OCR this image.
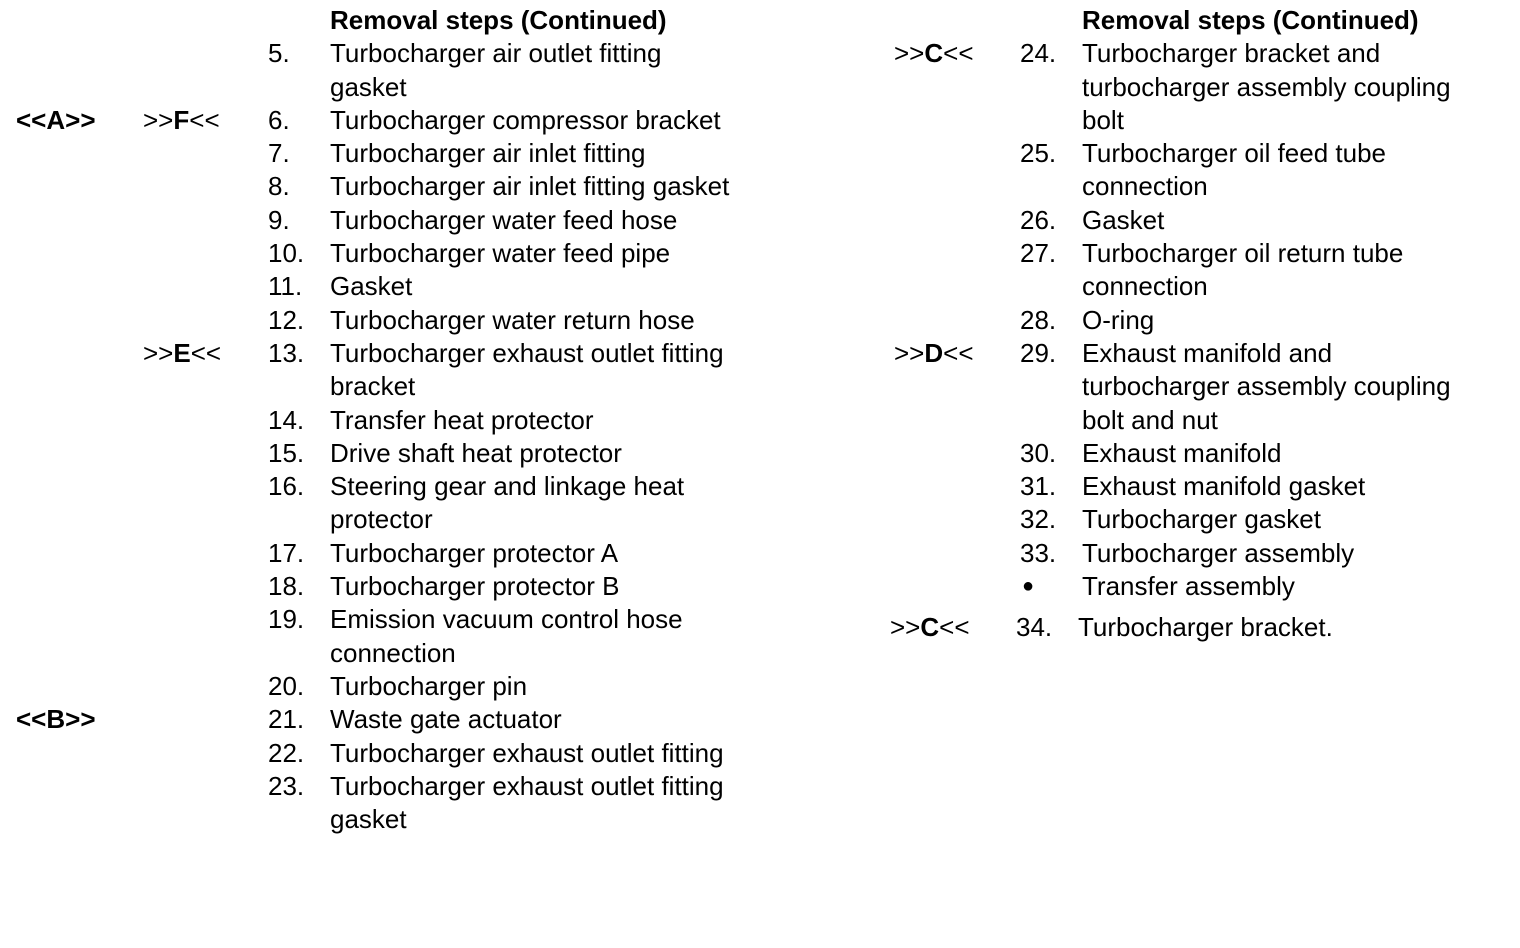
Removal steps (Continued)
5. Turbocharger air outlet fitting gasket
<<A>> >>F<< 6. Turbocharger compressor bracket
7. Turbocharger air inlet fitting
8. Turbocharger air inlet fitting gasket
9. Turbocharger water feed hose
10. Turbocharger water feed pipe
11. Gasket
12. Turbocharger water return hose
>>E<< 13. Turbocharger exhaust outlet fitting bracket
14. Transfer heat protector
15. Drive shaft heat protector
16. Steering gear and linkage heat protector
17. Turbocharger protector A
18. Turbocharger protector B
19. Emission vacuum control hose connection
20. Turbocharger pin
<<B>>	21. Waste gate actuator
22. Turbocharger exhaust outlet fitting
23. Turbocharger exhaust outlet fitting gasket
Removal steps (Continued)
>>C<< 24. Turbocharger bracket and turbocharger assembly coupling bolt
25. Turbocharger oil feed tube connection
26. Gasket
27. Turbocharger oil return tube connection
28. O-ring
>>D<< 29. Exhaust manifold and turbocharger assembly coupling bolt and nut
30. Exhaust manifold
31. Exhaust manifold gasket
32. Turbocharger gasket
33. Turbocharger assembly
● Transfer assembly
>>C<< 34. Turbocharger bracket.
